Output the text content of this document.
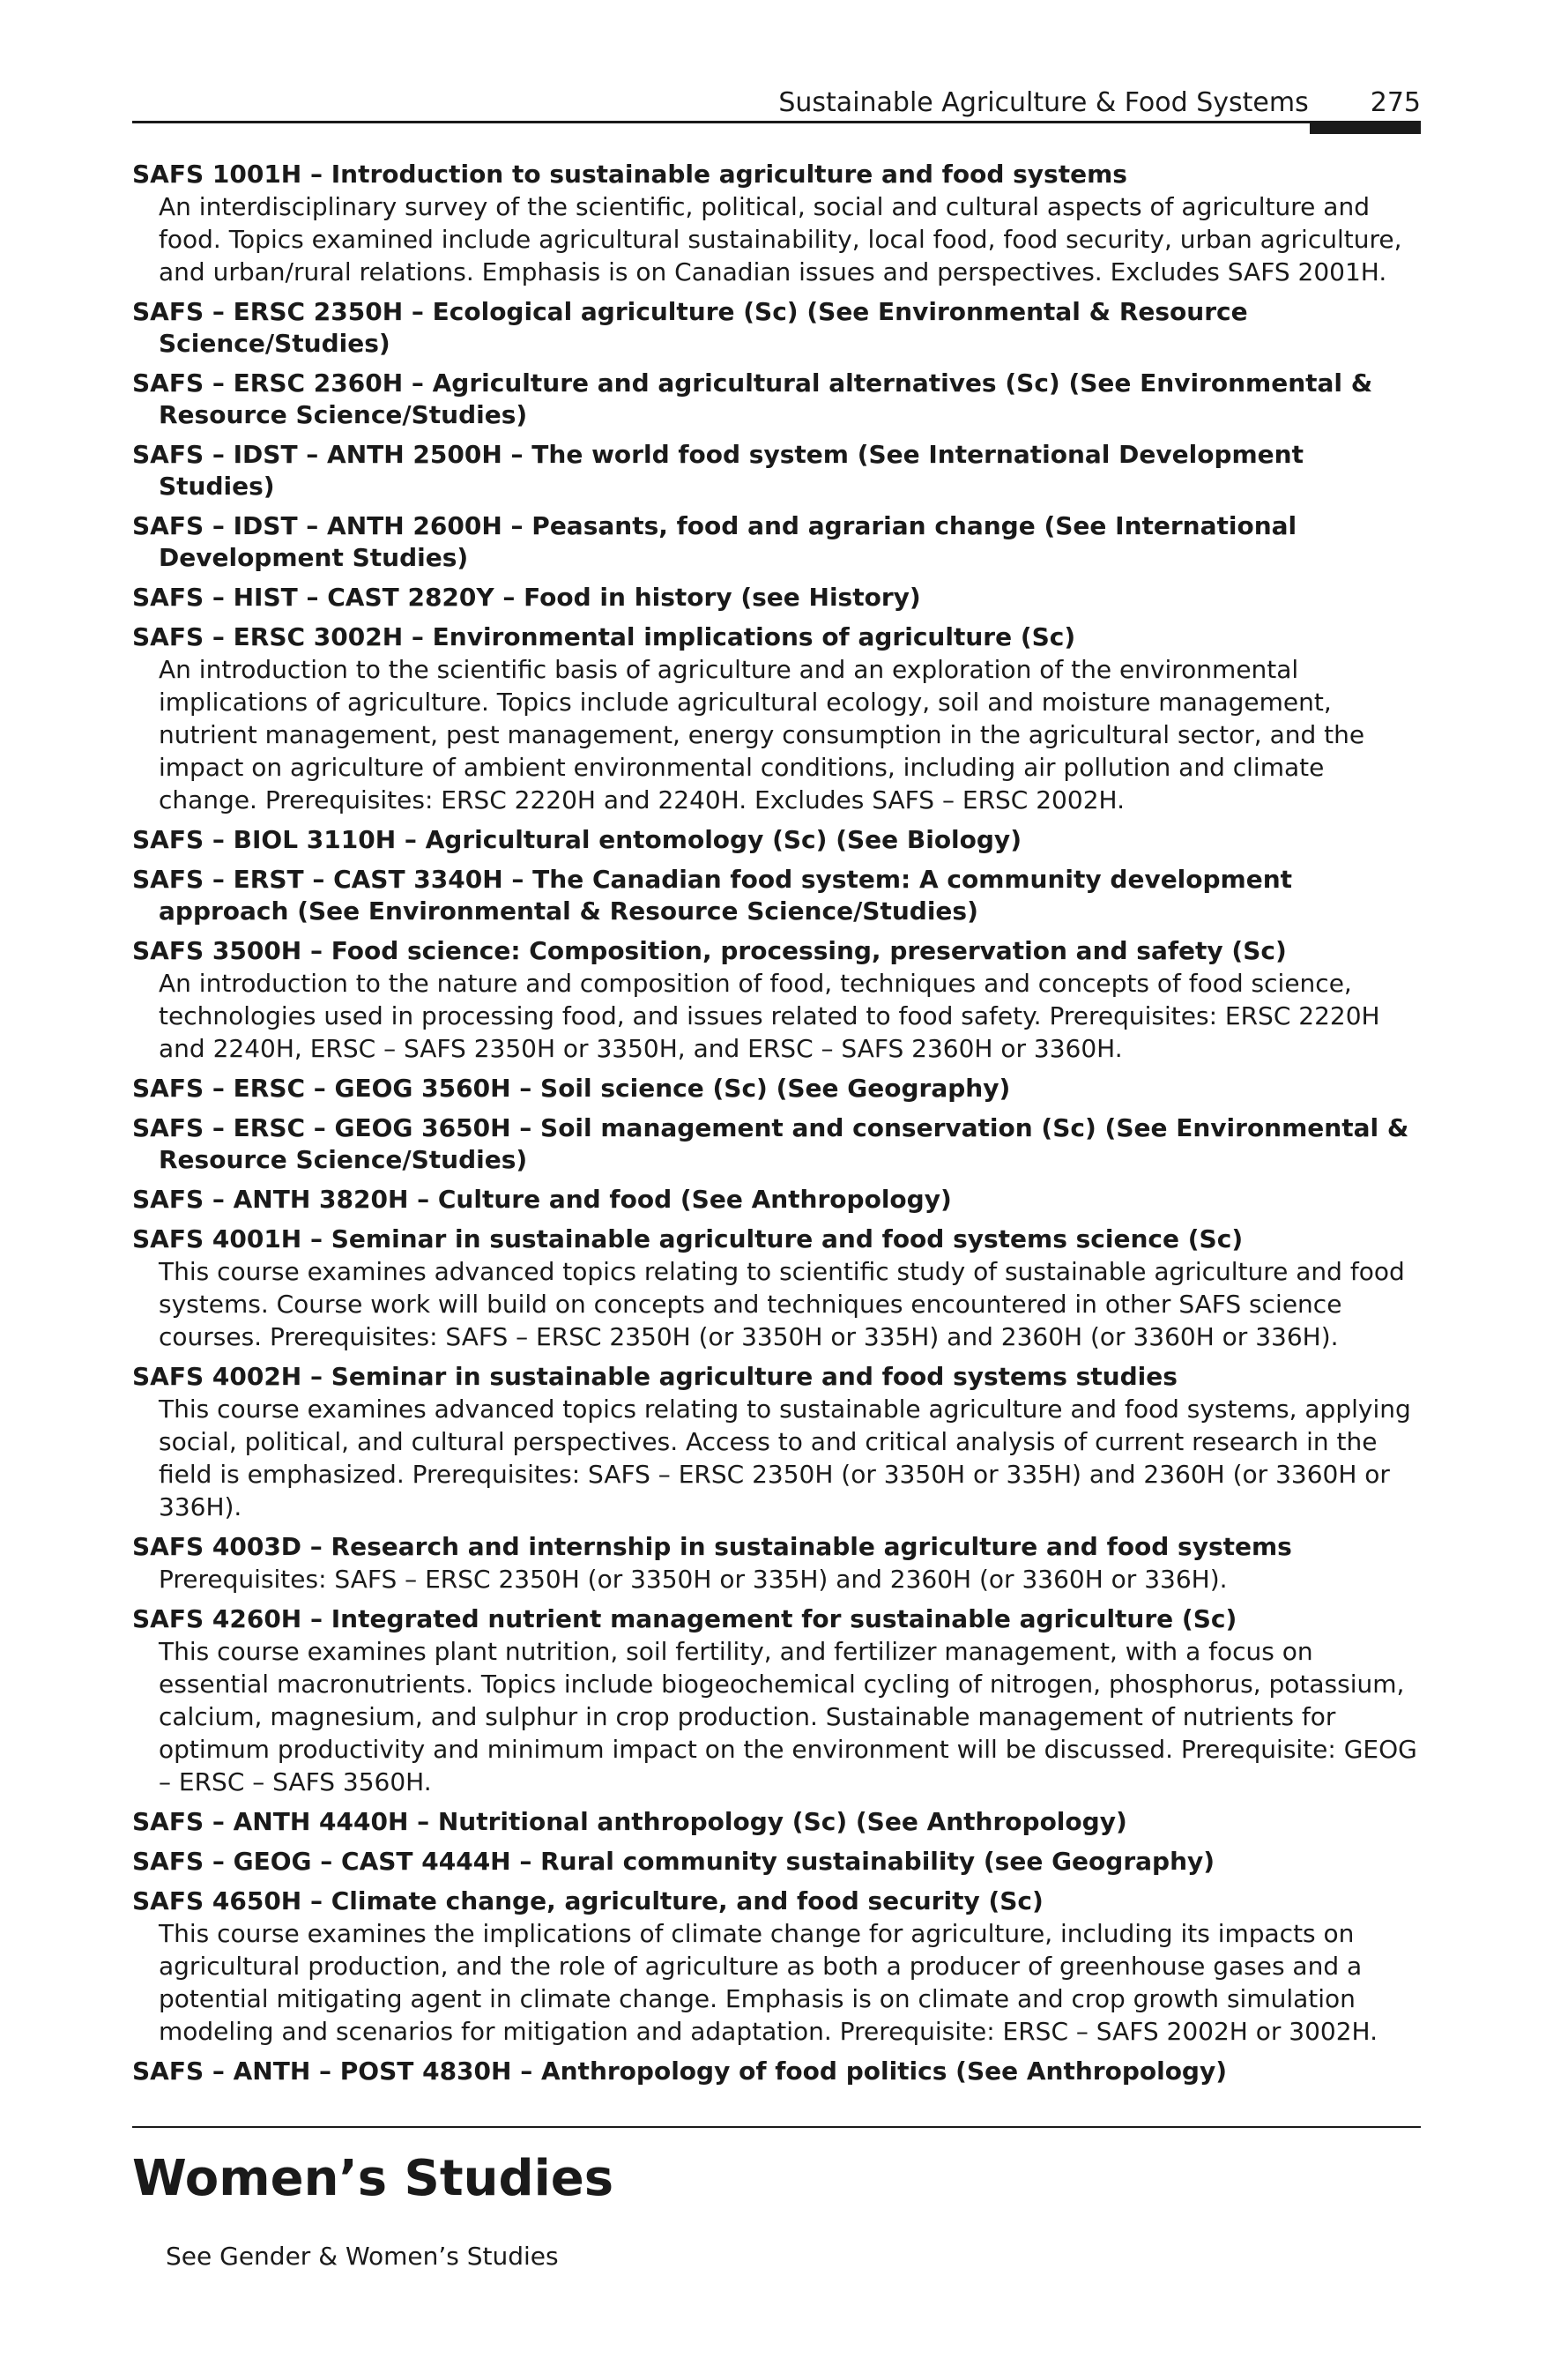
Sustainable Agriculture & Food Systems 275

SAFS 1001H – Introduction to sustainable agriculture and food systems

An interdisciplinary survey of the scientific, political, social and cultural aspects of agriculture and food. Topics examined include agricultural sustainability, local food, food security, urban agriculture, and urban/rural relations. Emphasis is on Canadian issues and perspectives. Excludes SAFS 2001H.

SAFS – ERSC 2350H – Ecological agriculture (Sc) (See Environmental & Resource Science/Studies)

SAFS – ERSC 2360H – Agriculture and agricultural alternatives (Sc) (See Environmental & Resource Science/Studies)

SAFS – IDST – ANTH 2500H – The world food system (See International Development Studies)

SAFS – IDST – ANTH 2600H – Peasants, food and agrarian change (See International Development Studies)

SAFS – HIST – CAST 2820Y – Food in history (see History)

SAFS – ERSC 3002H – Environmental implications of agriculture (Sc)

An introduction to the scientific basis of agriculture and an exploration of the environmental implications of agriculture. Topics include agricultural ecology, soil and moisture management, nutrient management, pest management, energy consumption in the agricultural sector, and the impact on agriculture of ambient environmental conditions, including air pollution and climate change. Prerequisites: ERSC 2220H and 2240H. Excludes SAFS – ERSC 2002H.

SAFS – BIOL 3110H – Agricultural entomology (Sc) (See Biology)

SAFS – ERST – CAST 3340H – The Canadian food system: A community development approach (See Environmental & Resource Science/Studies)

SAFS 3500H – Food science: Composition, processing, preservation and safety (Sc)

An introduction to the nature and composition of food, techniques and concepts of food science, technologies used in processing food, and issues related to food safety. Prerequisites: ERSC 2220H and 2240H, ERSC – SAFS 2350H or 3350H, and ERSC – SAFS 2360H or 3360H.

SAFS – ERSC – GEOG 3560H – Soil science (Sc) (See Geography)

SAFS – ERSC – GEOG 3650H – Soil management and conservation (Sc) (See Environmental & Resource Science/Studies)

SAFS – ANTH 3820H – Culture and food (See Anthropology)

SAFS 4001H – Seminar in sustainable agriculture and food systems science (Sc)

This course examines advanced topics relating to scientific study of sustainable agriculture and food systems. Course work will build on concepts and techniques encountered in other SAFS science courses. Prerequisites: SAFS – ERSC 2350H (or 3350H or 335H) and 2360H (or 3360H or 336H).

SAFS 4002H – Seminar in sustainable agriculture and food systems studies

This course examines advanced topics relating to sustainable agriculture and food systems, applying social, political, and cultural perspectives. Access to and critical analysis of current research in the field is emphasized. Prerequisites: SAFS – ERSC 2350H (or 3350H or 335H) and 2360H (or 3360H or 336H).

SAFS 4003D – Research and internship in sustainable agriculture and food systems

Prerequisites: SAFS – ERSC 2350H (or 3350H or 335H) and 2360H (or 3360H or 336H).

SAFS 4260H – Integrated nutrient management for sustainable agriculture (Sc)

This course examines plant nutrition, soil fertility, and fertilizer management, with a focus on essential macronutrients. Topics include biogeochemical cycling of nitrogen, phosphorus, potassium, calcium, magnesium, and sulphur in crop production. Sustainable management of nutrients for optimum productivity and minimum impact on the environment will be discussed. Prerequisite: GEOG – ERSC – SAFS 3560H.

SAFS – ANTH 4440H – Nutritional anthropology (Sc) (See Anthropology)

SAFS – GEOG – CAST 4444H – Rural community sustainability (see Geography)

SAFS 4650H – Climate change, agriculture, and food security (Sc)

This course examines the implications of climate change for agriculture, including its impacts on agricultural production, and the role of agriculture as both a producer of greenhouse gases and a potential mitigating agent in climate change. Emphasis is on climate and crop growth simulation modeling and scenarios for mitigation and adaptation. Prerequisite: ERSC – SAFS 2002H or 3002H.

SAFS – ANTH – POST 4830H – Anthropology of food politics (See Anthropology)

Women’s Studies

See Gender & Women’s Studies
